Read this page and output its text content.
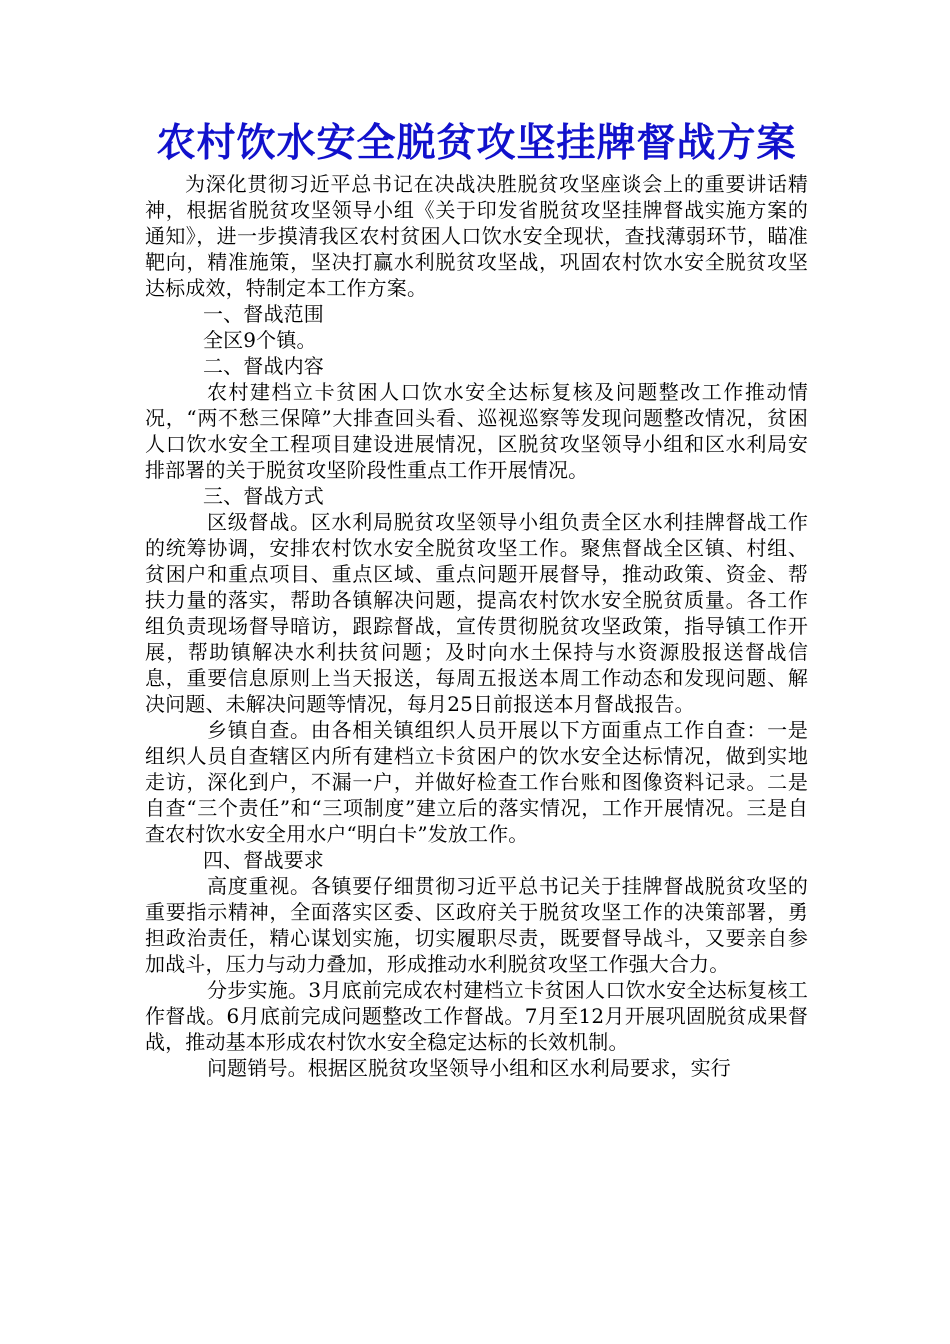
农村饮水安全脱贫攻坚挂牌督战方案

为深化贯彻习近平总书记在决战决胜脱贫攻坚座谈会上的重要讲话精神，根据省脱贫攻坚领导小组《关于印发省脱贫攻坚挂牌督战实施方案的通知》，进一步摸清我区农村贫困人口饮水安全现状，查找薄弱环节，瞄准靶向，精准施策，坚决打赢水利脱贫攻坚战，巩固农村饮水安全脱贫攻坚达标成效，特制定本工作方案。

一、督战范围

全区9个镇。

二、督战内容

农村建档立卡贫困人口饮水安全达标复核及问题整改工作推动情况，“两不愁三保障”大排查回头看、巡视巡察等发现问题整改情况，贫困人口饮水安全工程项目建设进展情况，区脱贫攻坚领导小组和区水利局安排部署的关于脱贫攻坚阶段性重点工作开展情况。

三、督战方式

区级督战。区水利局脱贫攻坚领导小组负责全区水利挂牌督战工作的统筹协调，安排农村饮水安全脱贫攻坚工作。聚焦督战全区镇、村组、贫困户和重点项目、重点区域、重点问题开展督导，推动政策、资金、帮扶力量的落实，帮助各镇解决问题，提高农村饮水安全脱贫质量。各工作组负责现场督导暗访，跟踪督战，宣传贯彻脱贫攻坚政策，指导镇工作开展，帮助镇解决水利扶贫问题；及时向水土保持与水资源股报送督战信息，重要信息原则上当天报送，每周五报送本周工作动态和发现问题、解决问题、未解决问题等情况，每月25日前报送本月督战报告。

乡镇自查。由各相关镇组织人员开展以下方面重点工作自查：一是组织人员自查辖区内所有建档立卡贫困户的饮水安全达标情况，做到实地走访，深化到户，不漏一户，并做好检查工作台账和图像资料记录。二是自查“三个责任”和“三项制度”建立后的落实情况，工作开展情况。三是自查农村饮水安全用水户“明白卡”发放工作。

四、督战要求

高度重视。各镇要仔细贯彻习近平总书记关于挂牌督战脱贫攻坚的重要指示精神，全面落实区委、区政府关于脱贫攻坚工作的决策部署，勇担政治责任，精心谋划实施，切实履职尽责，既要督导战斗，又要亲自参加战斗，压力与动力叠加，形成推动水利脱贫攻坚工作强大合力。

分步实施。3月底前完成农村建档立卡贫困人口饮水安全达标复核工作督战。6月底前完成问题整改工作督战。7月至12月开展巩固脱贫成果督战，推动基本形成农村饮水安全稳定达标的长效机制。

问题销号。根据区脱贫攻坚领导小组和区水利局要求，实行
